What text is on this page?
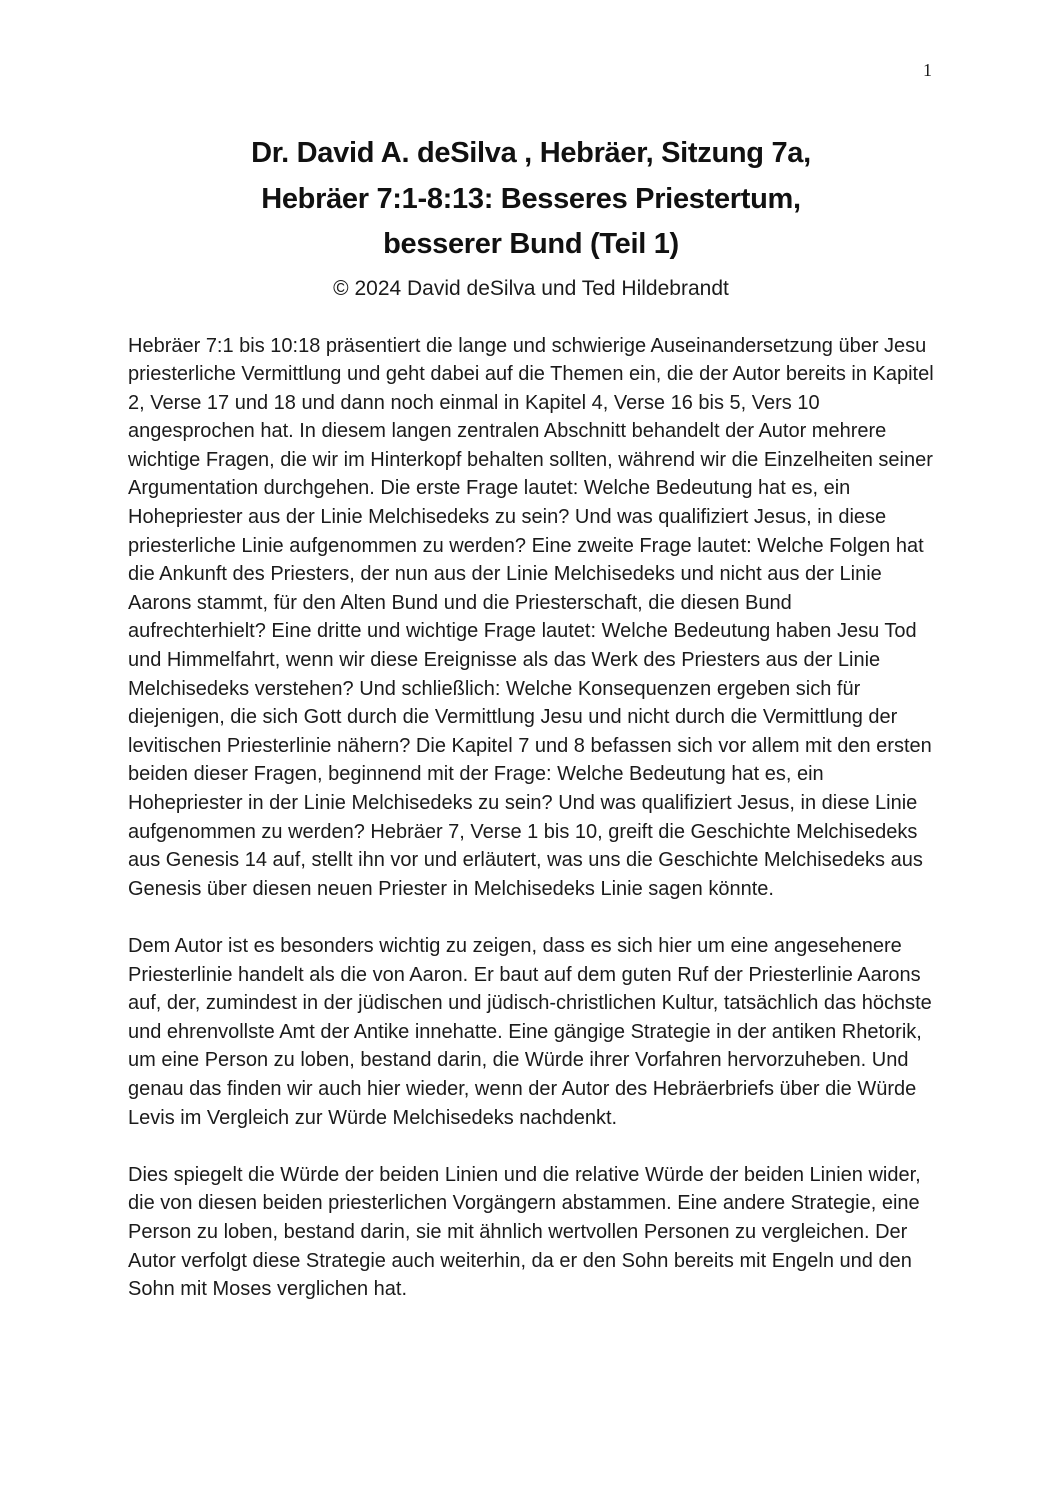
1
Dr. David A. deSilva , Hebräer, Sitzung 7a,
Hebräer 7:1-8:13: Besseres Priestertum,
besserer Bund (Teil 1)
© 2024 David deSilva und Ted Hildebrandt

Hebräer 7:1 bis 10:18 präsentiert die lange und schwierige Auseinandersetzung über Jesu priesterliche Vermittlung und geht dabei auf die Themen ein, die der Autor bereits in Kapitel 2, Verse 17 und 18 und dann noch einmal in Kapitel 4, Verse 16 bis 5, Vers 10 angesprochen hat. In diesem langen zentralen Abschnitt behandelt der Autor mehrere wichtige Fragen, die wir im Hinterkopf behalten sollten, während wir die Einzelheiten seiner Argumentation durchgehen. Die erste Frage lautet: Welche Bedeutung hat es, ein Hohepriester aus der Linie Melchisedeks zu sein? Und was qualifiziert Jesus, in diese priesterliche Linie aufgenommen zu werden? Eine zweite Frage lautet: Welche Folgen hat die Ankunft des Priesters, der nun aus der Linie Melchisedeks und nicht aus der Linie Aarons stammt, für den Alten Bund und die Priesterschaft, die diesen Bund aufrechterhielt? Eine dritte und wichtige Frage lautet: Welche Bedeutung haben Jesu Tod und Himmelfahrt, wenn wir diese Ereignisse als das Werk des Priesters aus der Linie Melchisedeks verstehen? Und schließlich: Welche Konsequenzen ergeben sich für diejenigen, die sich Gott durch die Vermittlung Jesu und nicht durch die Vermittlung der levitischen Priesterlinie nähern? Die Kapitel 7 und 8 befassen sich vor allem mit den ersten beiden dieser Fragen, beginnend mit der Frage: Welche Bedeutung hat es, ein Hohepriester in der Linie Melchisedeks zu sein? Und was qualifiziert Jesus, in diese Linie aufgenommen zu werden? Hebräer 7, Verse 1 bis 10, greift die Geschichte Melchisedeks aus Genesis 14 auf, stellt ihn vor und erläutert, was uns die Geschichte Melchisedeks aus Genesis über diesen neuen Priester in Melchisedeks Linie sagen könnte.

Dem Autor ist es besonders wichtig zu zeigen, dass es sich hier um eine angesehenere Priesterlinie handelt als die von Aaron. Er baut auf dem guten Ruf der Priesterlinie Aarons auf, der, zumindest in der jüdischen und jüdisch-christlichen Kultur, tatsächlich das höchste und ehrenvollste Amt der Antike innehatte. Eine gängige Strategie in der antiken Rhetorik, um eine Person zu loben, bestand darin, die Würde ihrer Vorfahren hervorzuheben. Und genau das finden wir auch hier wieder, wenn der Autor des Hebräerbriefs über die Würde Levis im Vergleich zur Würde Melchisedeks nachdenkt.

Dies spiegelt die Würde der beiden Linien und die relative Würde der beiden Linien wider, die von diesen beiden priesterlichen Vorgängern abstammen. Eine andere Strategie, eine Person zu loben, bestand darin, sie mit ähnlich wertvollen Personen zu vergleichen. Der Autor verfolgt diese Strategie auch weiterhin, da er den Sohn bereits mit Engeln und den Sohn mit Moses verglichen hat.
